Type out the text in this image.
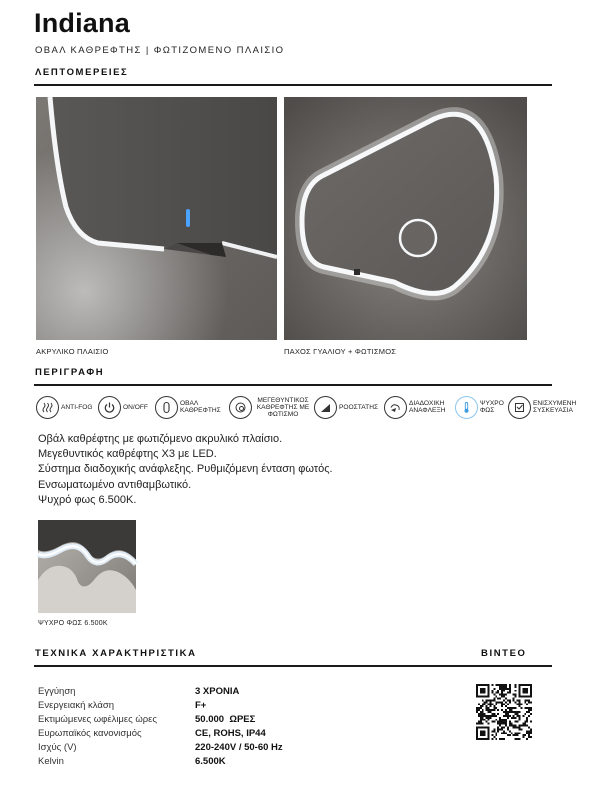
Indiana
ΟΒΑΛ ΚΑΘΡΕΦΤΗΣ | ΦΩΤΙΖΟΜΕΝΟ ΠΛΑΙΣΙΟ
ΛΕΠΤΟΜΕΡΕΙΕΣ
ΑΚΡΥΛΙΚΟ ΠΛΑΙΣΙΟ	ΠΑΧΟΣ ΓΥΑΛΙΟΥ + ΦΩΤΙΣΜΟΣ
ΠΕΡΙΓΡΑΦΗ
ANTI-FOG	ON/OFF	ΟΒΑΛ ΚΑΘΡΕΦΤΗΣ
ΜΕΓΕΘΥΝΤΙΚΟΣ ΚΑΘΡΕΦΤΗΣ ΜΕ ΦΩΤΙΣΜΟ
ΡΟΟΣΤΑΤΗΣ	ΔΙΑΔΟΧΙΚΗ ΑΝΑΦΛΕΞΗ
ΨΥΧΡΟ ΦΩΣ
ΕΝΙΣΧΥΜΕΝΗ ΣΥΣΚΕΥΑΣΙΑ
Οβάλ καθρέφτης με φωτιζόμενο ακρυλικό πλαίσιο.
Μεγεθυντικός καθρέφτης Χ3 με LED.
Σύστημα διαδοχικής ανάφλεξης. Ρυθμιζόμενη ένταση φωτός.
Ενσωματωμένο αντιθαμβωτικό.
Ψυχρό φως 6.500Κ.
ΨΥΧΡΟ ΦΩΣ 6.500Κ
ΤΕΧΝΙΚΑ ΧΑΡΑΚΤΗΡΙΣΤΙΚΑ	ΒΙΝΤΕΟ
Εγγύηση	3 ΧΡΟΝΙΑ
Ενεργειακή κλάση	F+
Εκτιμώμενες ωφέλιμες ώρες	50.000  ΩΡΕΣ
Ευρωπαϊκός κανονισμός	CE, ROHS, IP44
Ισχύς (V)	220-240V / 50-60 Hz
Kelvin	6.500K
